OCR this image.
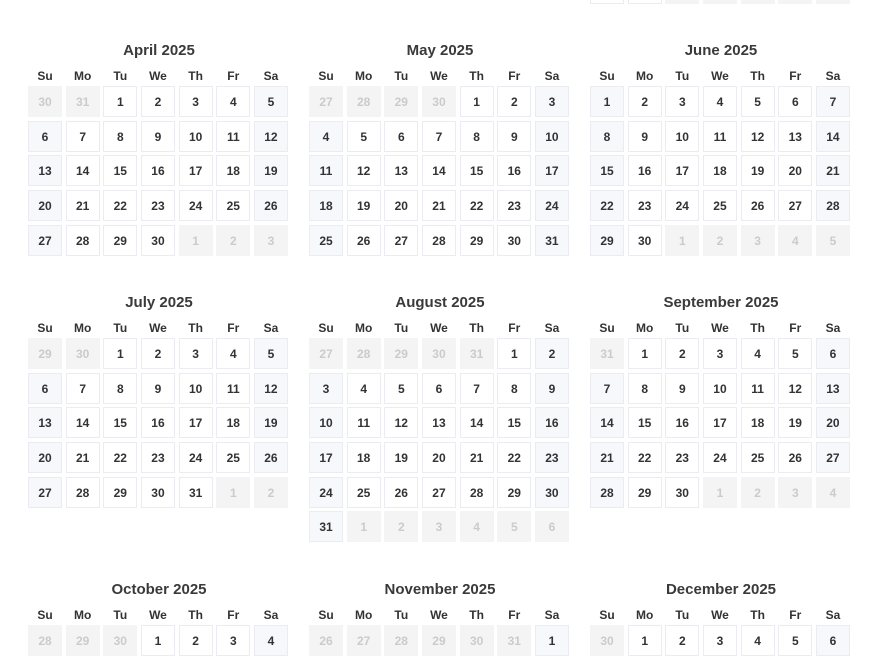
April 2025
Su	Mo	Tu	We	Th	Fr	Sa
30	31	1	2	3	4	5
6	7	8	9	10	11	12
13	14	15	16	17	18	19
20	21	22	23	24	25	26
27	28	29	30	1	2	3
May 2025
Su	Mo	Tu	We	Th	Fr	Sa
27	28	29	30	1	2	3
4	5	6	7	8	9	10
11	12	13	14	15	16	17
18	19	20	21	22	23	24
25	26	27	28	29	30	31
June 2025
Su	Mo	Tu	We	Th	Fr	Sa
1	2	3	4	5	6	7
8	9	10	11	12	13	14
15	16	17	18	19	20	21
22	23	24	25	26	27	28
29	30	1	2	3	4	5
July 2025
Su	Mo	Tu	We	Th	Fr	Sa
29	30	1	2	3	4	5
6	7	8	9	10	11	12
13	14	15	16	17	18	19
20	21	22	23	24	25	26
27	28	29	30	31	1	2
August 2025
Su	Mo	Tu	We	Th	Fr	Sa
27	28	29	30	31	1	2
3	4	5	6	7	8	9
10	11	12	13	14	15	16
17	18	19	20	21	22	23
24	25	26	27	28	29	30
31	1	2	3	4	5	6
September 2025
Su	Mo	Tu	We	Th	Fr	Sa
31	1	2	3	4	5	6
7	8	9	10	11	12	13
14	15	16	17	18	19	20
21	22	23	24	25	26	27
28	29	30	1	2	3	4
October 2025
Su	Mo	Tu	We	Th	Fr	Sa
28	29	30	1	2	3	4
November 2025
Su	Mo	Tu	We	Th	Fr	Sa
26	27	28	29	30	31	1
December 2025
Su	Mo	Tu	We	Th	Fr	Sa
30	1	2	3	4	5	6
